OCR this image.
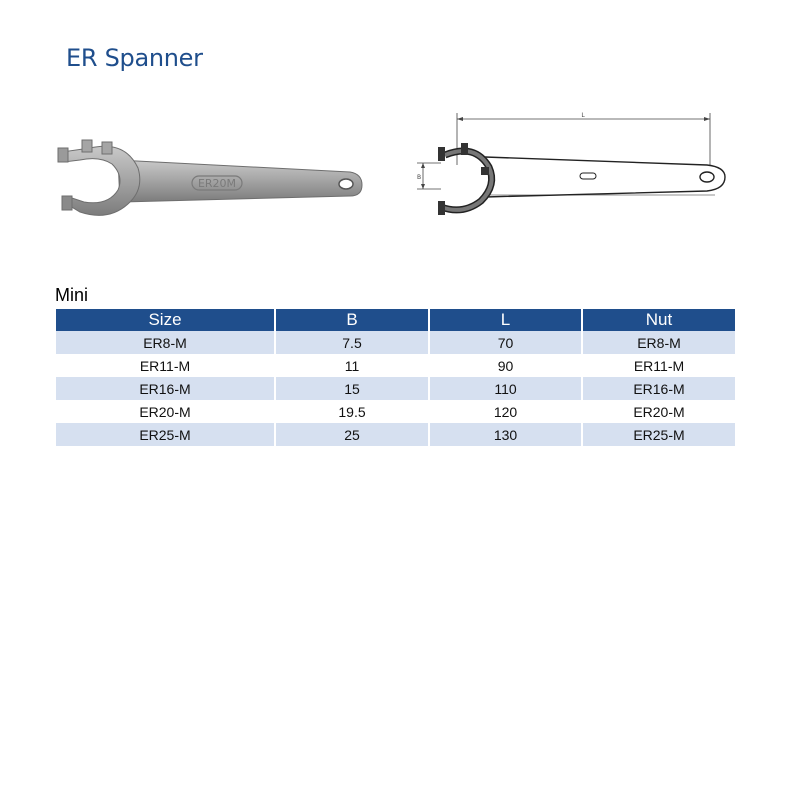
ER Spanner
ER20M
L
B
Mini
Size	B	L	Nut
ER8-M	7.5	70	ER8-M
ER11-M	11	90	ER11-M
ER16-M	15	110	ER16-M
ER20-M	19.5	120	ER20-M
ER25-M	25	130	ER25-M
